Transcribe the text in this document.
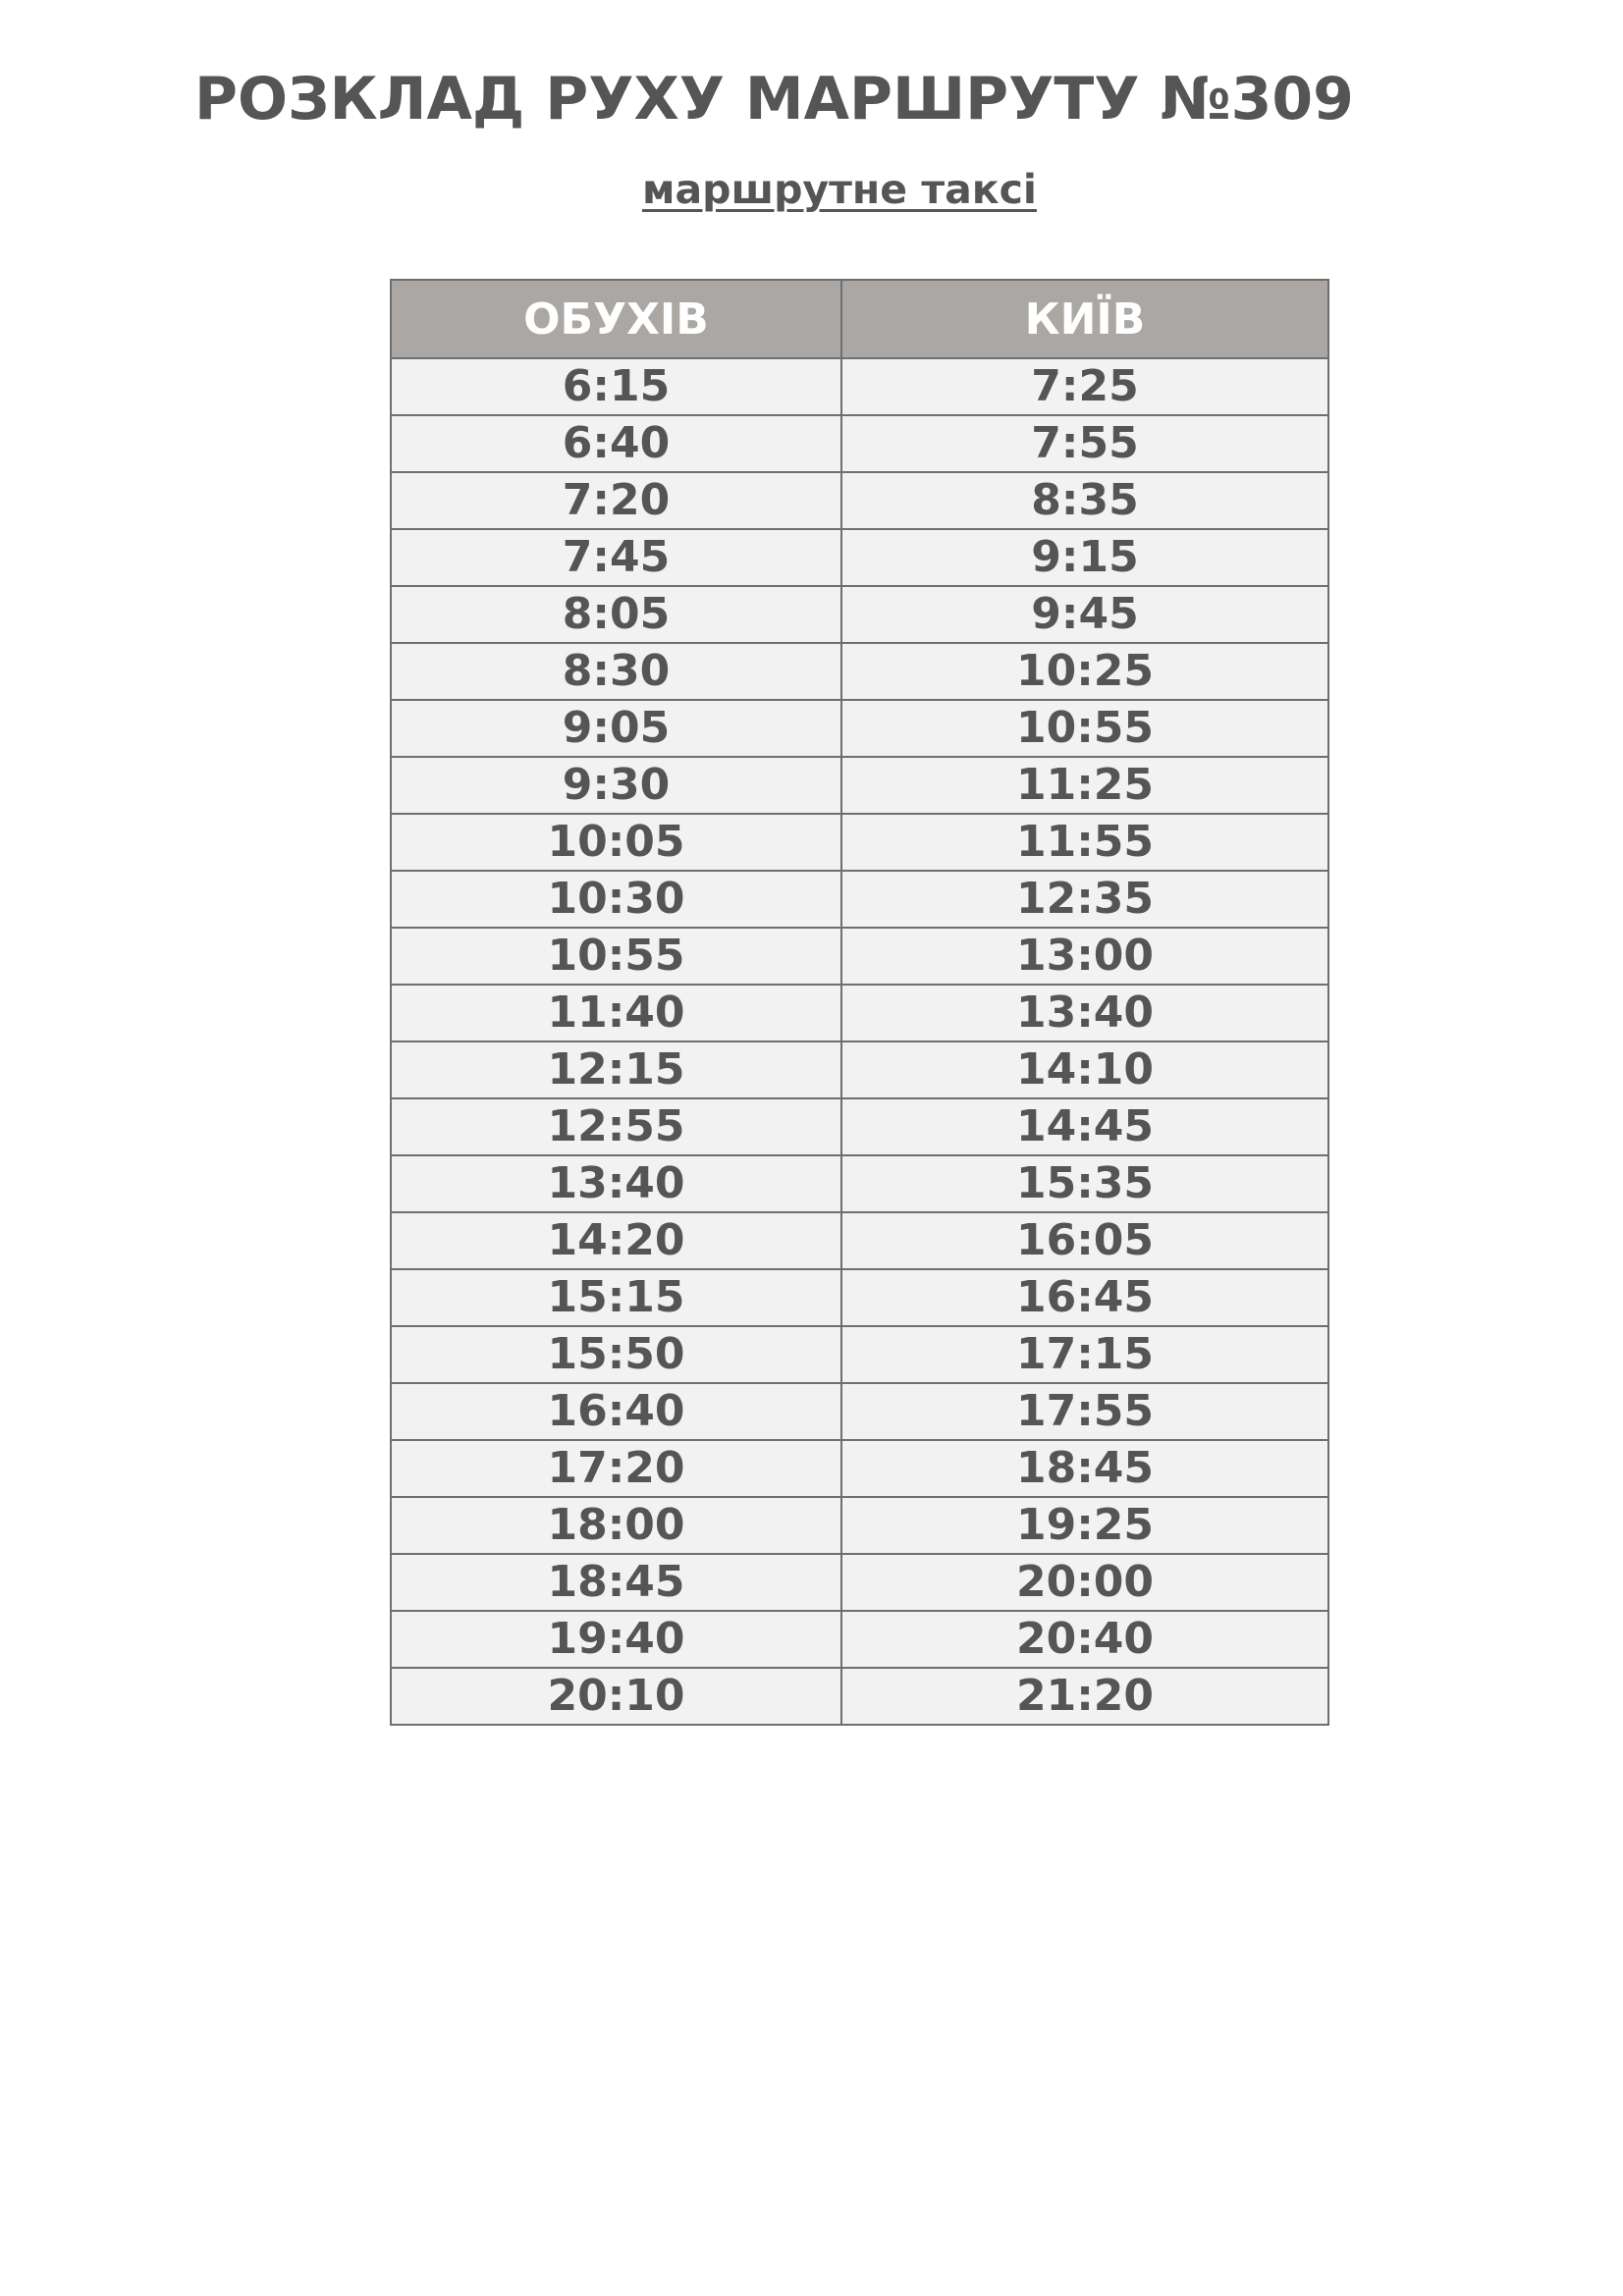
РОЗКЛАД РУХУ МАРШРУТУ №309
маршрутне таксі
ОБУХІВ	КИЇВ
6:15	7:25
6:40	7:55
7:20	8:35
7:45	9:15
8:05	9:45
8:30	10:25
9:05	10:55
9:30	11:25
10:05	11:55
10:30	12:35
10:55	13:00
11:40	13:40
12:15	14:10
12:55	14:45
13:40	15:35
14:20	16:05
15:15	16:45
15:50	17:15
16:40	17:55
17:20	18:45
18:00	19:25
18:45	20:00
19:40	20:40
20:10	21:20
